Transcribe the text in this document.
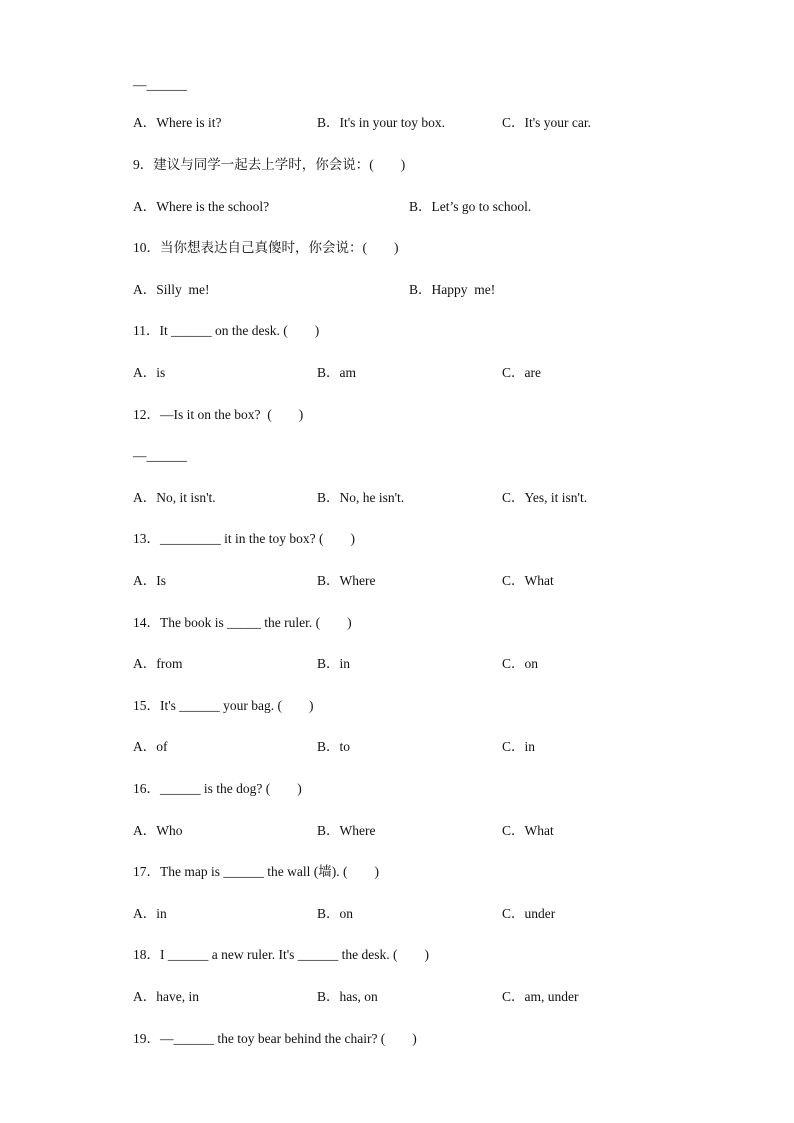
—______
A．Where is it?	B．It's in your toy box.	C．It's your car.
9．建议与同学一起去上学时，你会说：(　　)
A．Where is the school?	B．Let’s go to school.
10．当你想表达自己真傻时，你会说：(　　)
A．Silly  me!	B．Happy  me!
11．It ______ on the desk. (　　)
A．is	B．am	C．are
12．—Is it on the box?  (　　)
—______
A．No, it isn't.	B．No, he isn't.	C．Yes, it isn't.
13．_________ it in the toy box? (　　)
A．Is	B．Where	C．What
14．The book is _____ the ruler. (　　)
A．from	B．in	C．on
15．It's ______ your bag. (　　)
A．of	B．to	C．in
16．______ is the dog? (　　)
A．Who	B．Where	C．What
17．The map is ______ the wall (墙). (　　)
A．in	B．on	C．under
18．I ______ a new ruler. It's ______ the desk. (　　)
A．have, in	B．has, on	C．am, under
19．—______ the toy bear behind the chair? (　　)
